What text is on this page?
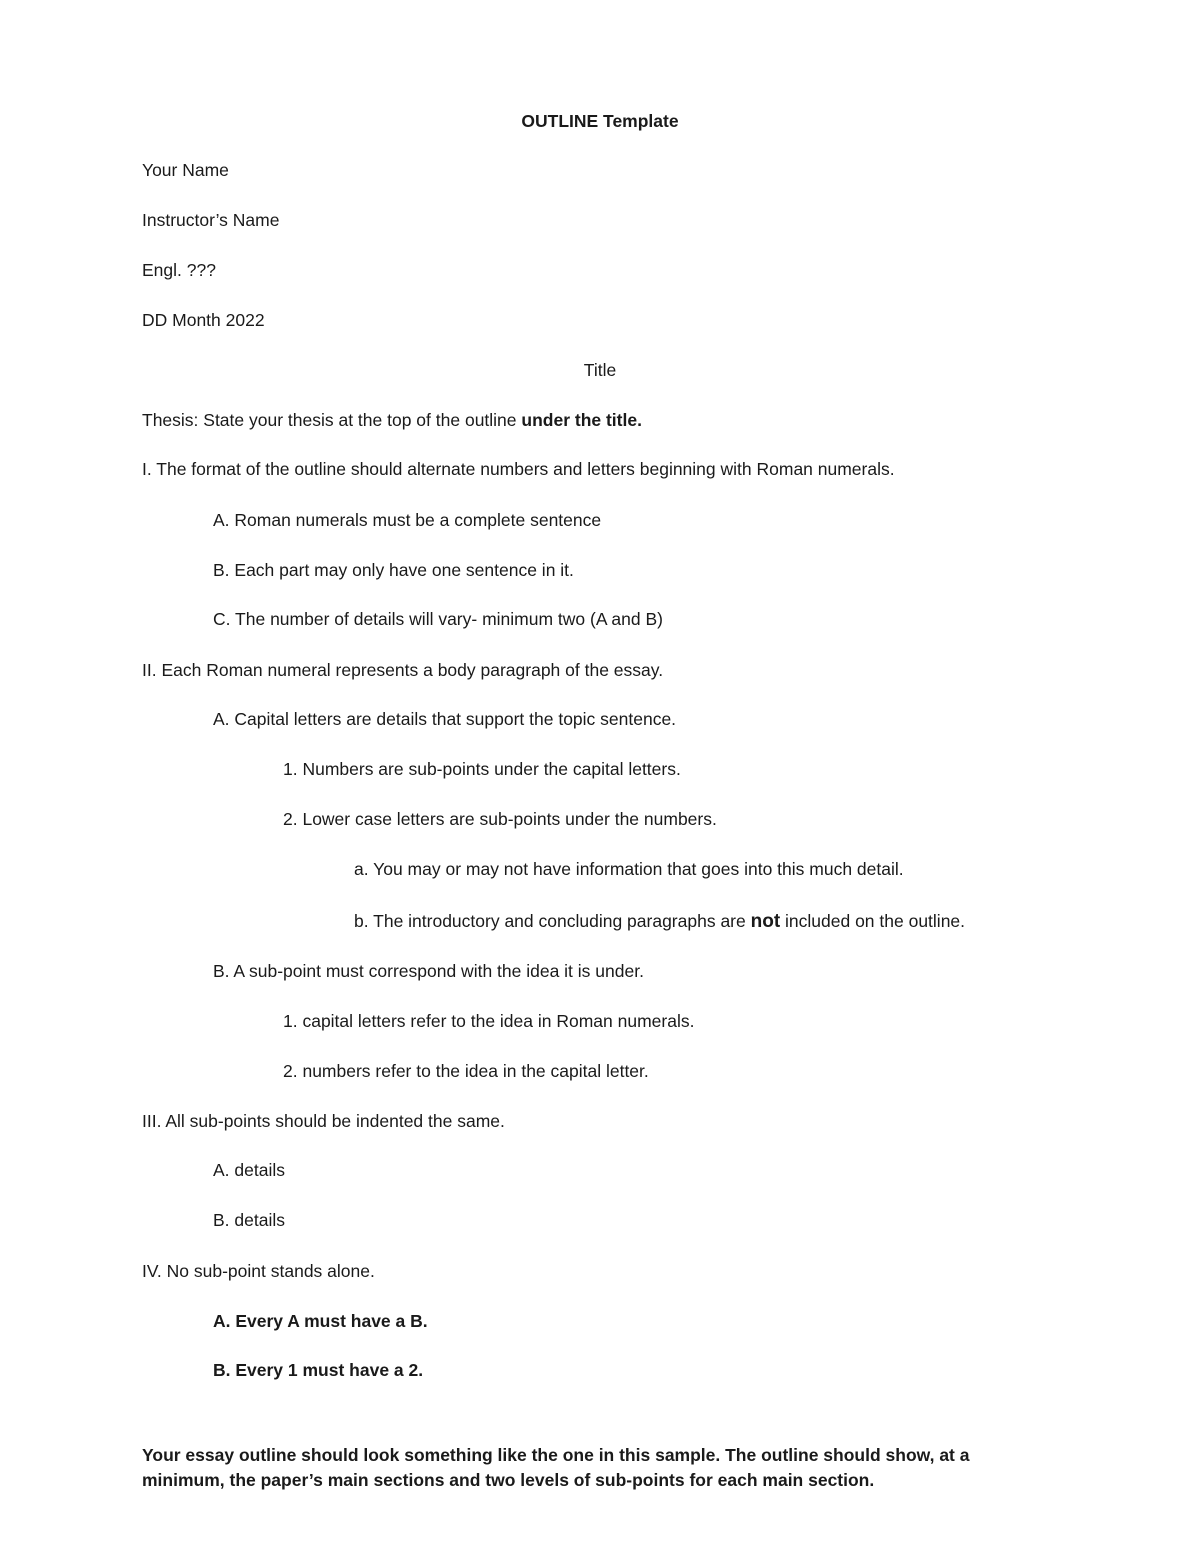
OUTLINE Template
Your Name
Instructor’s Name
Engl. ???
DD Month 2022
Title
Thesis: State your thesis at the top of the outline under the title.
I. The format of the outline should alternate numbers and letters beginning with Roman numerals.
A. Roman numerals must be a complete sentence
B. Each part may only have one sentence in it.
C. The number of details will vary- minimum two (A and B)
II. Each Roman numeral represents a body paragraph of the essay.
A. Capital letters are details that support the topic sentence.
1. Numbers are sub-points under the capital letters.
2. Lower case letters are sub-points under the numbers.
a. You may or may not have information that goes into this much detail.
b. The introductory and concluding paragraphs are not included on the outline.
B. A sub-point must correspond with the idea it is under.
1. capital letters refer to the idea in Roman numerals.
2. numbers refer to the idea in the capital letter.
III. All sub-points should be indented the same.
A. details
B. details
IV. No sub-point stands alone.
A. Every A must have a B.
B. Every 1 must have a 2.
Your essay outline should look something like the one in this sample. The outline should show, at a
minimum, the paper’s main sections and two levels of sub-points for each main section.
